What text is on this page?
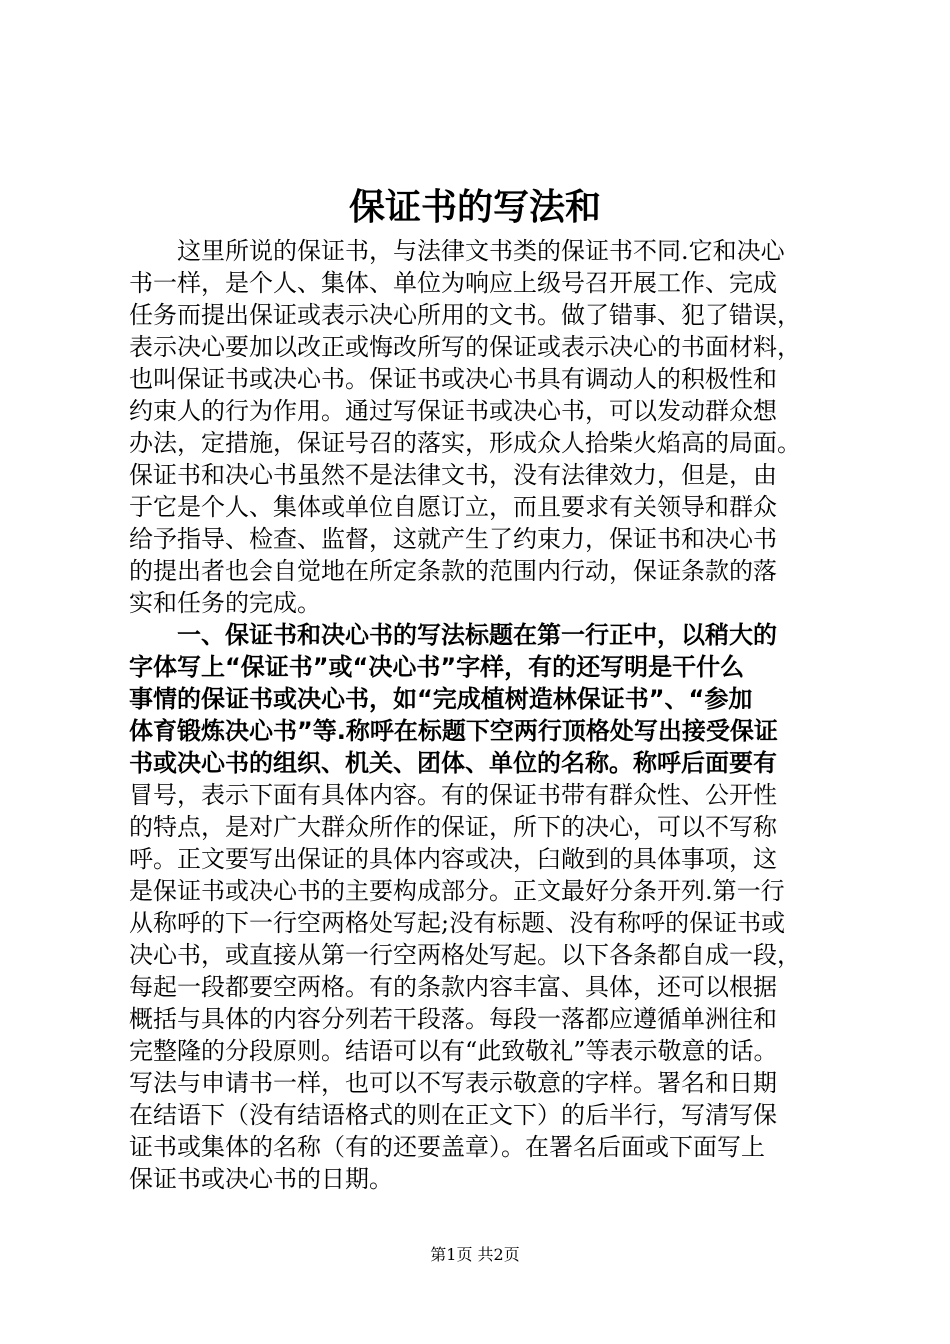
保证书的写法和
　　这里所说的保证书，与法律文书类的保证书不同.它和决心
书一样，是个人、集体、单位为响应上级号召开展工作、完成
任务而提出保证或表示决心所用的文书。做了错事、犯了错误，
表示决心要加以改正或悔改所写的保证或表示决心的书面材料，
也叫保证书或决心书。保证书或决心书具有调动人的积极性和
约束人的行为作用。通过写保证书或决心书，可以发动群众想
办法，定措施，保证号召的落实，形成众人拾柴火焰高的局面。
保证书和决心书虽然不是法律文书，没有法律效力，但是，由
于它是个人、集体或单位自愿订立，而且要求有关领导和群众
给予指导、检查、监督，这就产生了约束力，保证书和决心书
的提出者也会自觉地在所定条款的范围内行动，保证条款的落
实和任务的完成。
　　一、保证书和决心书的写法标题在第一行正中，以稍大的
字体写上“保证书”或“决心书”字样，有的还写明是干什么
事情的保证书或决心书，如“完成植树造林保证书”、“参加
体育锻炼决心书”等.称呼在标题下空两行顶格处写出接受保证
书或决心书的组织、机关、团体、单位的名称。称呼后面要有
冒号，表示下面有具体内容。有的保证书带有群众性、公开性
的特点，是对广大群众所作的保证，所下的决心，可以不写称
呼。正文要写出保证的具体内容或决，臼敞到的具体事项，这
是保证书或决心书的主要构成部分。正文最好分条开列.第一行
从称呼的下一行空两格处写起;没有标题、没有称呼的保证书或
决心书，或直接从第一行空两格处写起。以下各条都自成一段，
每起一段都要空两格。有的条款内容丰富、具体，还可以根据
概括与具体的内容分列若干段落。每段一落都应遵循单洲往和
完整隆的分段原则。结语可以有“此致敬礼”等表示敬意的话。
写法与申请书一样，也可以不写表示敬意的字样。署名和日期
在结语下（没有结语格式的则在正文下）的后半行，写清写保
证书或集体的名称（有的还要盖章）。在署名后面或下面写上
保证书或决心书的日期。
第1页 共2页
